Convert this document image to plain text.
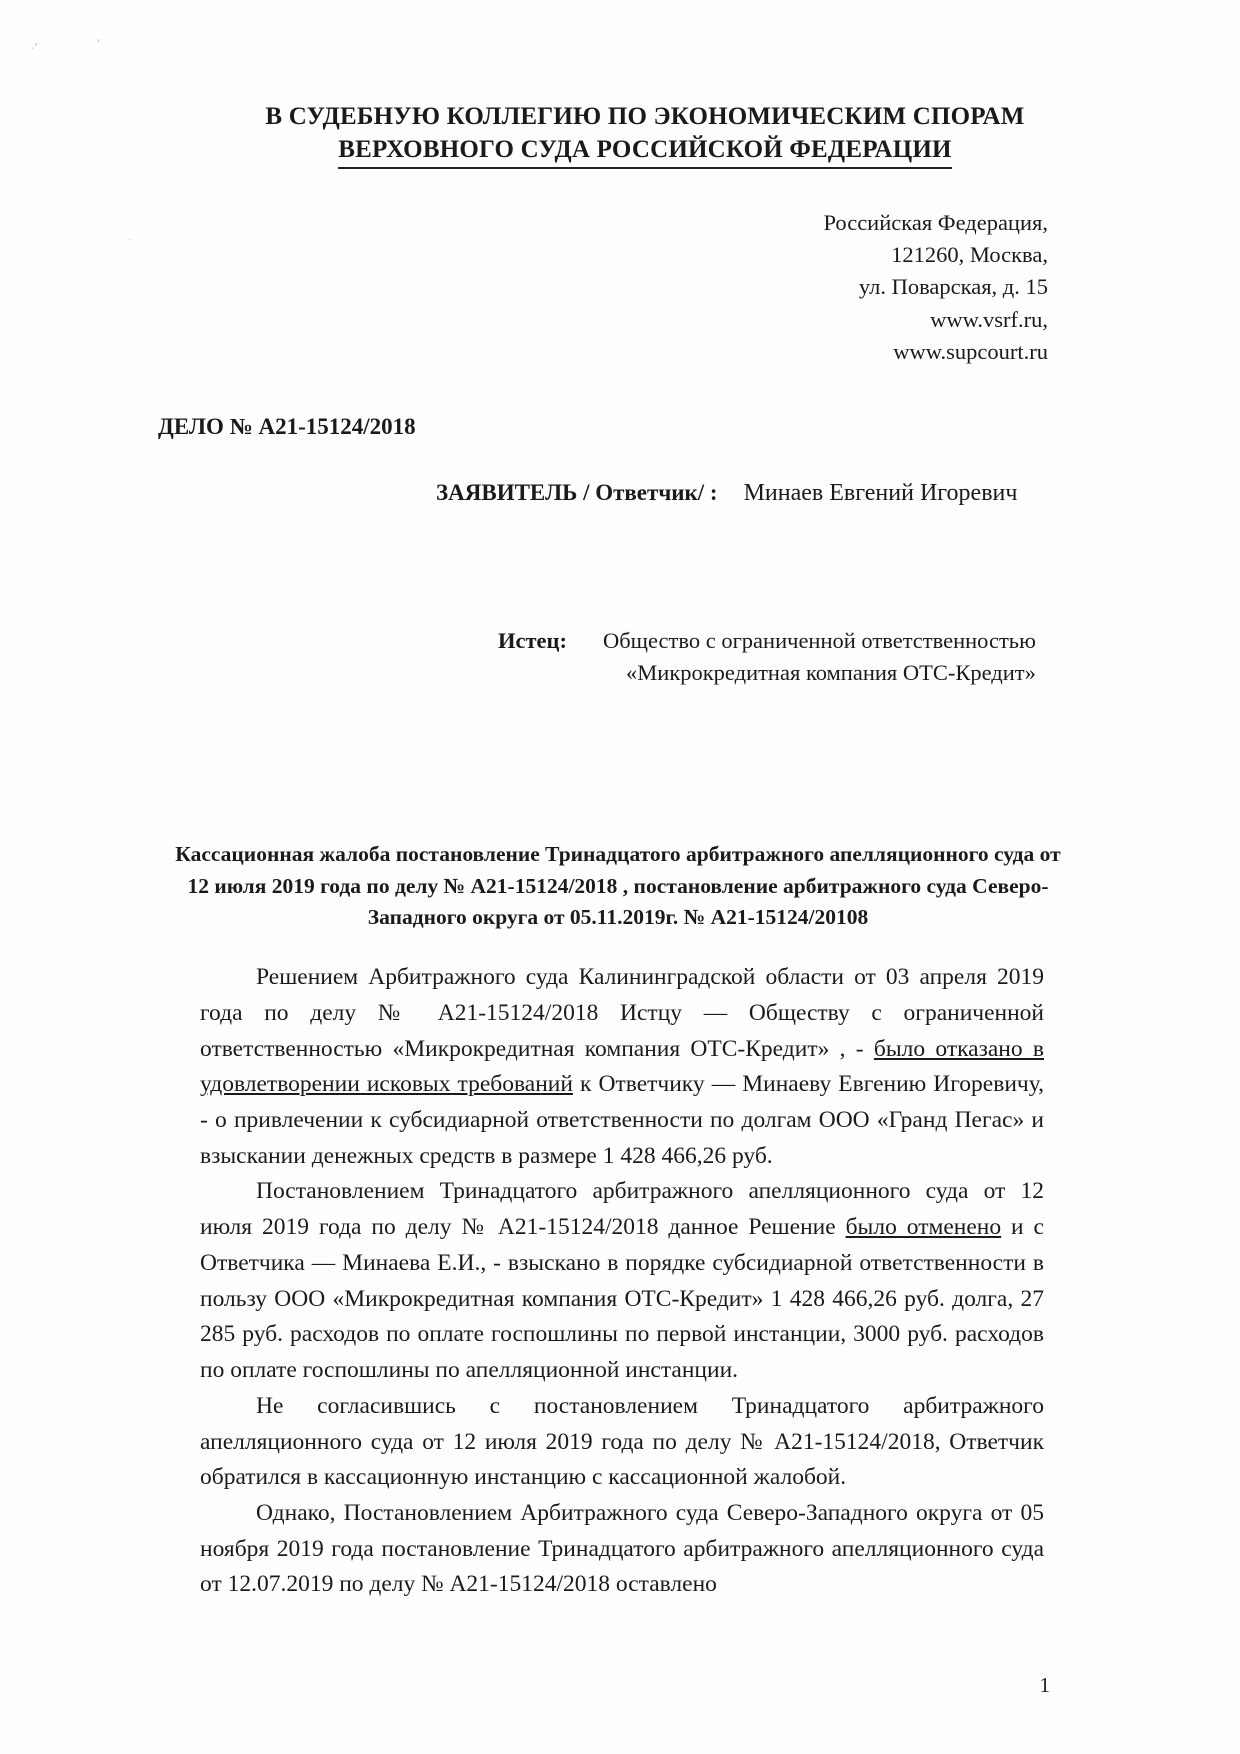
·ʼ	ʼ
·
В СУДЕБНУЮ КОЛЛЕГИЮ ПО ЭКОНОМИЧЕСКИМ СПОРАМ
ВЕРХОВНОГО СУДА РОССИЙСКОЙ ФЕДЕРАЦИИ
Российская Федерация,
121260, Москва,
ул. Поварская, д. 15
www.vsrf.ru,
www.supcourt.ru
ДЕЛО № А21-15124/2018
ЗАЯВИТЕЛЬ / Ответчик/ : Минаев Евгений Игоревич
Истец: Общество с ограниченной ответственностью
«Микрокредитная компания ОТС-Кредит»
Кассационная жалоба постановление Тринадцатого арбитражного апелляционного суда от 12 июля 2019 года по делу № А21-15124/2018 , постановление арбитражного суда Северо-Западного округа от 05.11.2019г. № А21-15124/20108

Решением Арбитражного суда Калининградской области от 03 апреля 2019 года по делу № А21-15124/2018 Истцу — Обществу с ограниченной ответственностью «Микрокредитная компания ОТС-Кредит» , - было отказано в удовлетворении исковых требований к Ответчику — Минаеву Евгению Игоревичу, - о привлечении к субсидиарной ответственности по долгам ООО «Гранд Пегас» и взыскании денежных средств в размере 1 428 466,26 руб.

Постановлением Тринадцатого арбитражного апелляционного суда от 12 июля 2019 года по делу № А21-15124/2018 данное Решение было отменено и с Ответчика — Минаева Е.И., - взыскано в порядке субсидиарной ответственности в пользу ООО «Микрокредитная компания ОТС-Кредит» 1 428 466,26 руб. долга, 27 285 руб. расходов по оплате госпошлины по первой инстанции, 3000 руб. расходов по оплате госпошлины по апелляционной инстанции.

Не согласившись с постановлением Тринадцатого арбитражного апелляционного суда от 12 июля 2019 года по делу № А21-15124/2018, Ответчик обратился в кассационную инстанцию с кассационной жалобой.

Однако, Постановлением Арбитражного суда Северо-Западного округа от 05 ноября 2019 года постановление Тринадцатого арбитражного апелляционного суда от 12.07.2019 по делу № А21-15124/2018 оставлено

1
